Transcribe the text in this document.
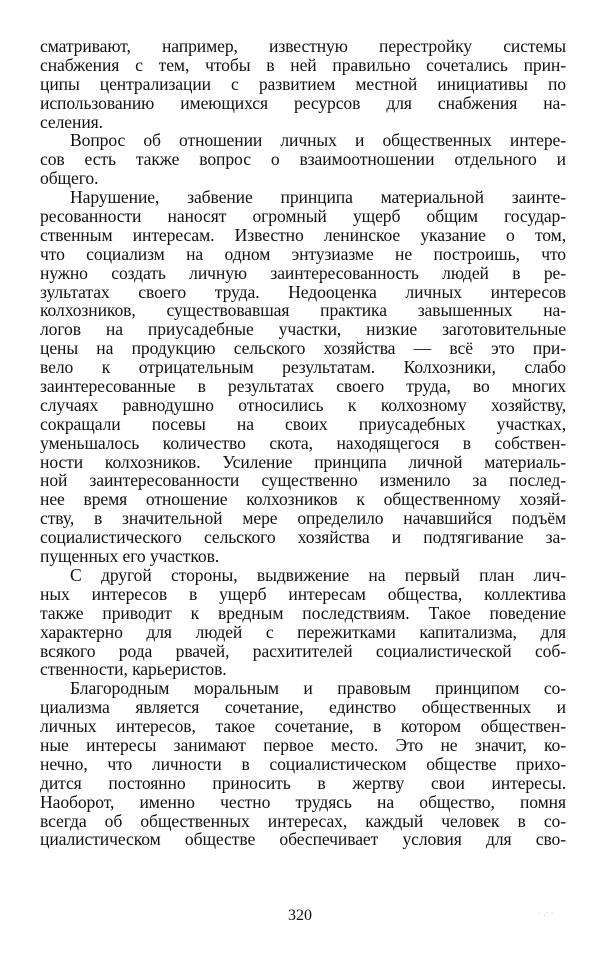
сматривают, например, известную перестройку системы
снабжения с тем, чтобы в ней правильно сочетались прин-
ципы централизации с развитием местной инициативы по
использованию имеющихся ресурсов для снабжения на-
селения.
Вопрос об отношении личных и общественных интере-
сов есть также вопрос о взаимоотношении отдельного и
общего.
Нарушение, забвение принципа материальной заинте-
ресованности наносят огромный ущерб общим государ-
ственным интересам. Известно ленинское указание о том,
что социализм на одном энтузиазме не построишь, что
нужно создать личную заинтересованность людей в ре-
зультатах своего труда. Недооценка личных интересов
колхозников, существовавшая практика завышенных на-
логов на приусадебные участки, низкие заготовительные
цены на продукцию сельского хозяйства — всё это при-
вело к отрицательным результатам. Колхозники, слабо
заинтересованные в результатах своего труда, во многих
случаях равнодушно относились к колхозному хозяйству,
сокращали посевы на своих приусадебных участках,
уменьшалось количество скота, находящегося в собствен-
ности колхозников. Усиление принципа личной материаль-
ной заинтересованности существенно изменило за послед-
нее время отношение колхозников к общественному хозяй-
ству, в значительной мере определило начавшийся подъём
социалистического сельского хозяйства и подтягивание за-
пущенных его участков.
С другой стороны, выдвижение на первый план лич-
ных интересов в ущерб интересам общества, коллектива
также приводит к вредным последствиям. Такое поведение
характерно для людей с пережитками капитализма, для
всякого рода рвачей, расхитителей социалистической соб-
ственности, карьеристов.
Благородным моральным и правовым принципом со-
циализма является сочетание, единство общественных и
личных интересов, такое сочетание, в котором обществен-
ные интересы занимают первое место. Это не значит, ко-
нечно, что личности в социалистическом обществе прихо-
дится постоянно приносить в жертву свои интересы.
Наоборот, именно честно трудясь на общество, помня
всегда об общественных интересах, каждый человек в со-
циалистическом обществе обеспечивает условия для сво-
320	· .· ·
